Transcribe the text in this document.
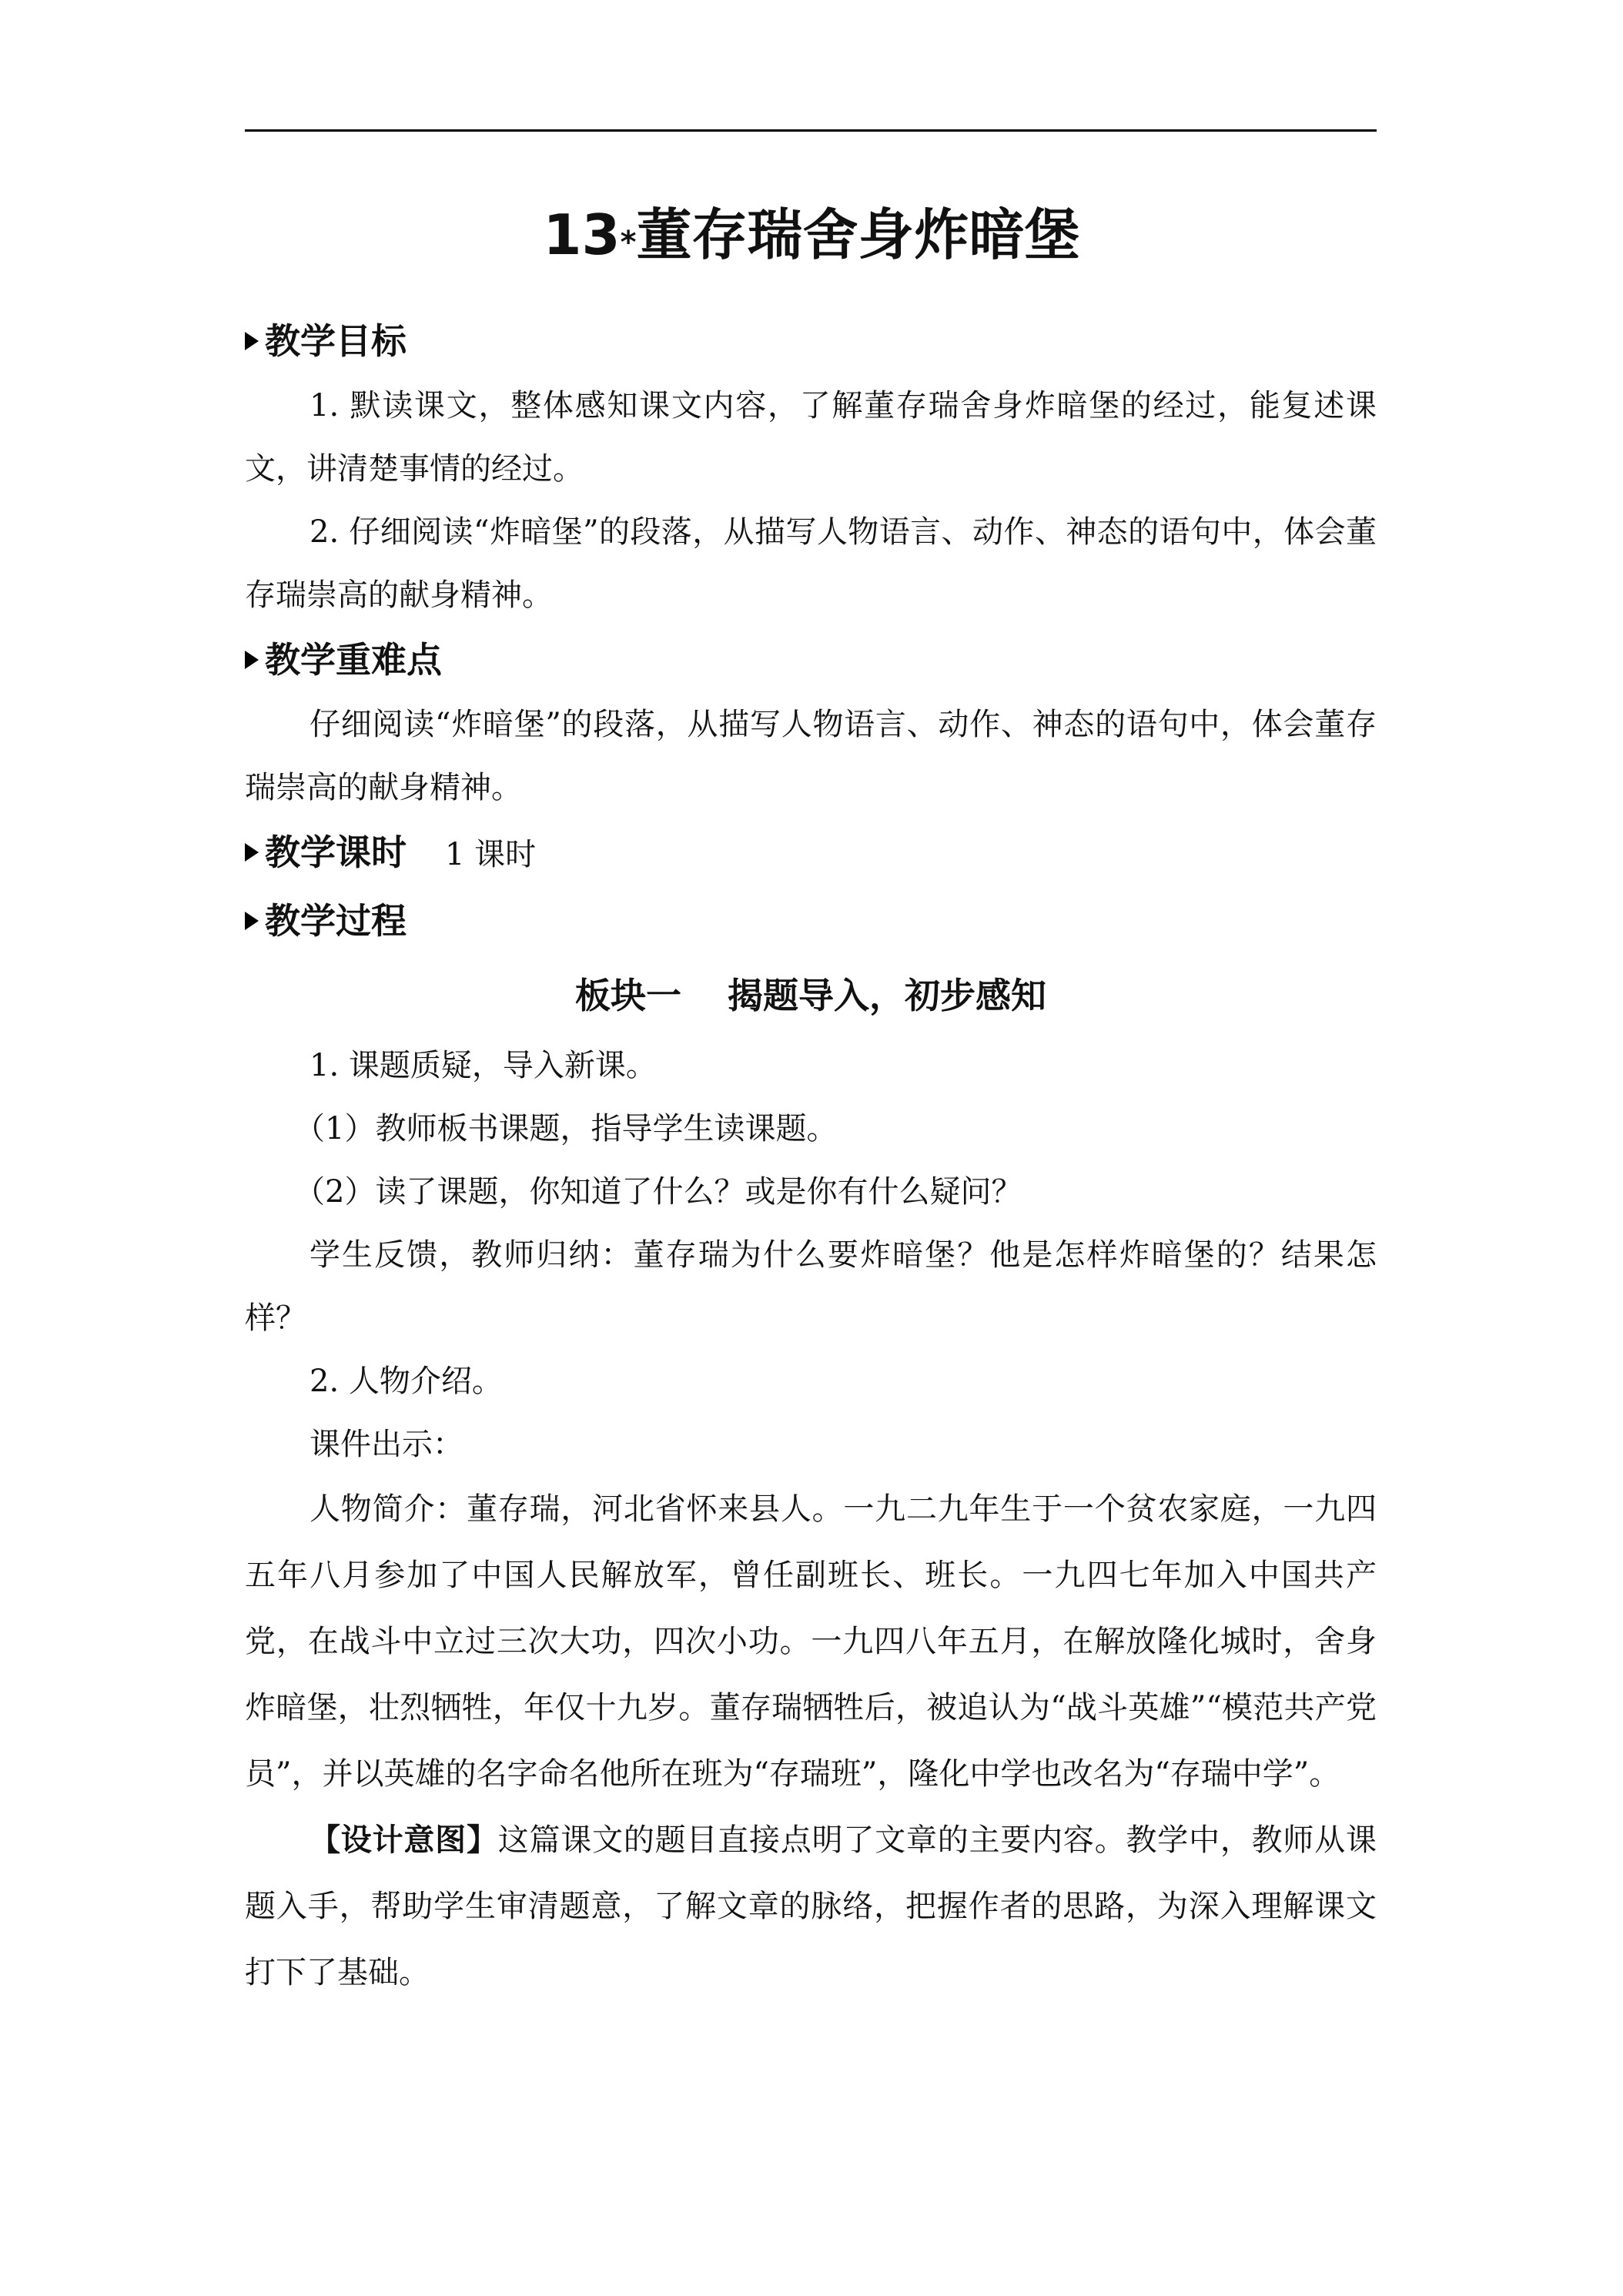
13*董存瑞舍身炸暗堡
教学目标

1. 默读课文，整体感知课文内容，了解董存瑞舍身炸暗堡的经过，能复述课文，讲清楚事情的经过。

2. 仔细阅读“炸暗堡”的段落，从描写人物语言、动作、神态的语句中，体会董存瑞崇高的献身精神。

教学重难点

仔细阅读“炸暗堡”的段落，从描写人物语言、动作、神态的语句中，体会董存瑞崇高的献身精神。

教学课时 1 课时
教学过程
板块一 揭题导入，初步感知

1. 课题质疑，导入新课。

（1）教师板书课题，指导学生读课题。

（2）读了课题，你知道了什么？或是你有什么疑问？

学生反馈，教师归纳：董存瑞为什么要炸暗堡？他是怎样炸暗堡的？结果怎样？

2. 人物介绍。

课件出示：

人物简介：董存瑞，河北省怀来县人。一九二九年生于一个贫农家庭，一九四五年八月参加了中国人民解放军，曾任副班长、班长。一九四七年加入中国共产党，在战斗中立过三次大功，四次小功。一九四八年五月，在解放隆化城时，舍身炸暗堡，壮烈牺牲，年仅十九岁。董存瑞牺牲后，被追认为“战斗英雄”“模范共产党员”，并以英雄的名字命名他所在班为“存瑞班”，隆化中学也改名为“存瑞中学”。

【设计意图】这篇课文的题目直接点明了文章的主要内容。教学中，教师从课题入手，帮助学生审清题意，了解文章的脉络，把握作者的思路，为深入理解课文打下了基础。
